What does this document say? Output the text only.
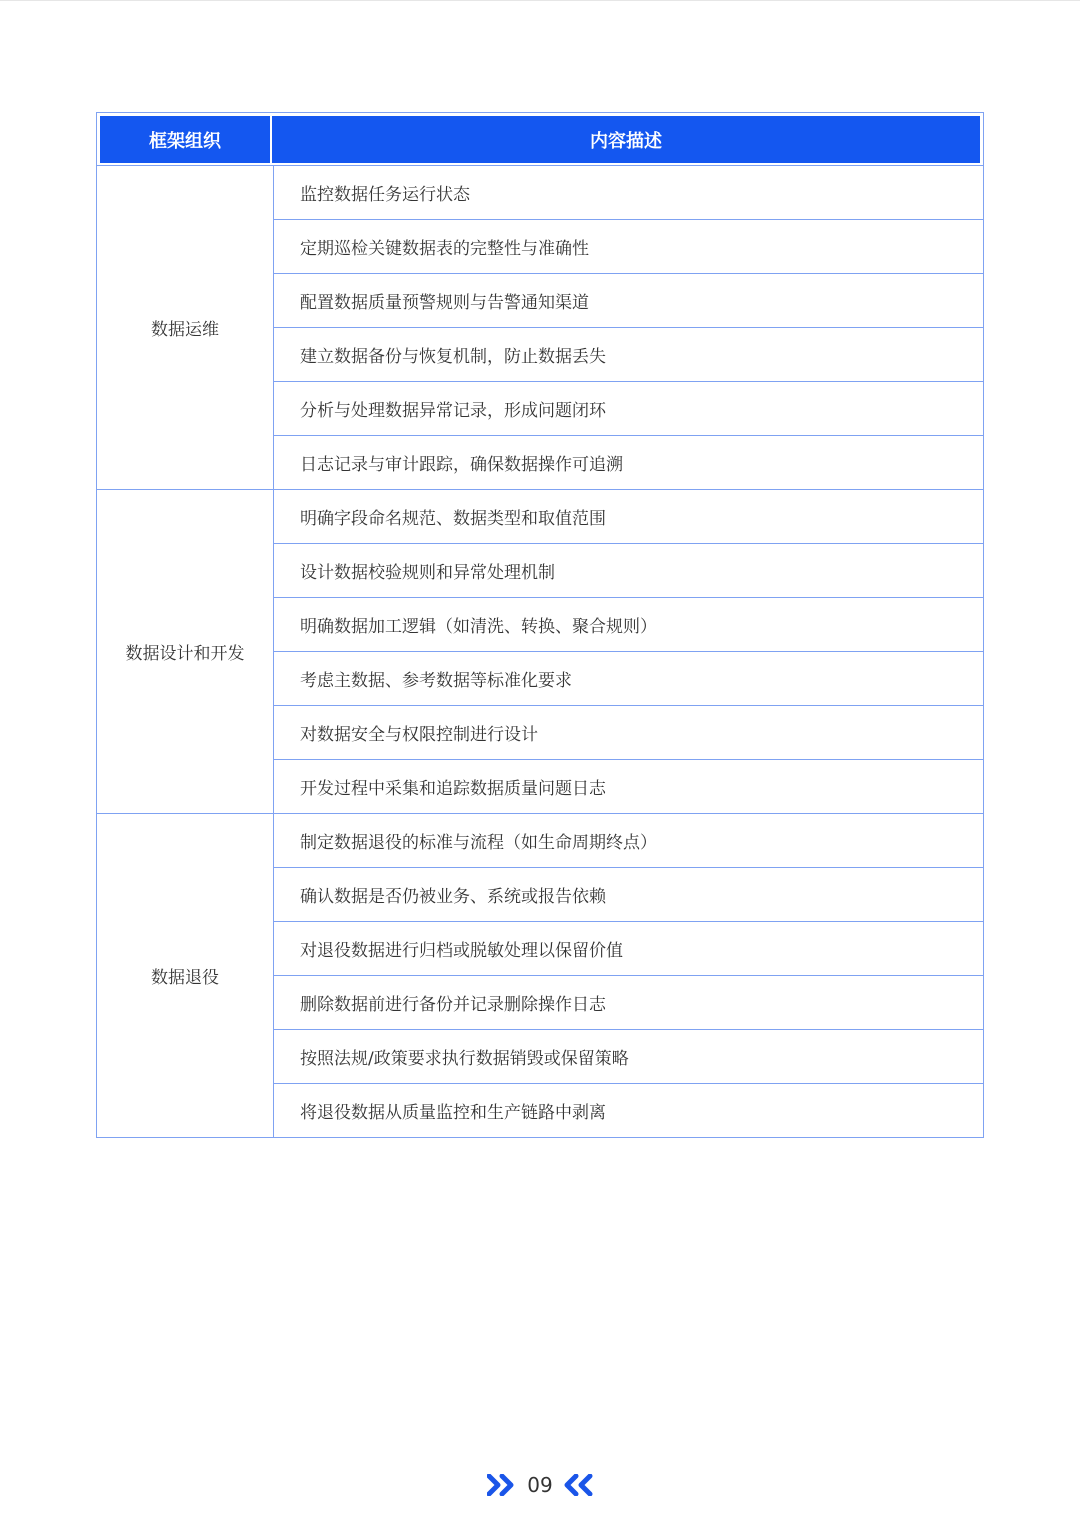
框架组织	内容描述
数据运维
监控数据任务运行状态
定期巡检关键数据表的完整性与准确性
配置数据质量预警规则与告警通知渠道
建立数据备份与恢复机制，防止数据丢失
分析与处理数据异常记录，形成问题闭环
日志记录与审计跟踪，确保数据操作可追溯
数据设计和开发
明确字段命名规范、数据类型和取值范围
设计数据校验规则和异常处理机制
明确数据加工逻辑（如清洗、转换、聚合规则）
考虑主数据、参考数据等标准化要求
对数据安全与权限控制进行设计
开发过程中采集和追踪数据质量问题日志
数据退役
制定数据退役的标准与流程（如生命周期终点）
确认数据是否仍被业务、系统或报告依赖
对退役数据进行归档或脱敏处理以保留价值
删除数据前进行备份并记录删除操作日志
按照法规/政策要求执行数据销毁或保留策略
将退役数据从质量监控和生产链路中剥离
09
